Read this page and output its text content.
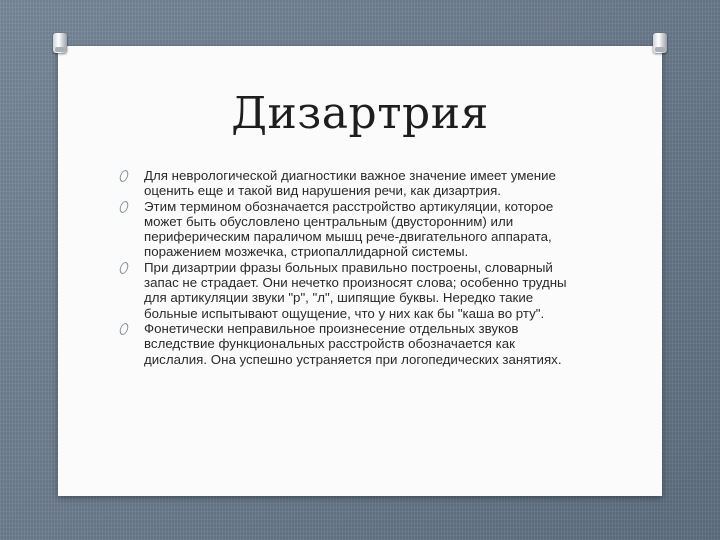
Дизартрия
Для неврологической диагностики важное значение имеет умение оценить еще и такой вид нарушения речи, как дизартрия.
Этим термином обозначается расстройство артикуляции, которое может быть обусловлено центральным (двусторонним) или периферическим параличом мышц рече-двигательного аппарата, поражением мозжечка, стриопаллидарной системы.
При дизартрии фразы больных правильно построены, словарный запас не страдает. Они нечетко произносят слова; особенно трудны для артикуляции звуки "р", "л", шипящие буквы. Нередко такие больные испытывают ощущение, что у них как бы "каша во рту".
Фонетически неправильное произнесение отдельных звуков вследствие функциональных расстройств обозначается как дислалия. Она успешно устраняется при логопедических занятиях.
